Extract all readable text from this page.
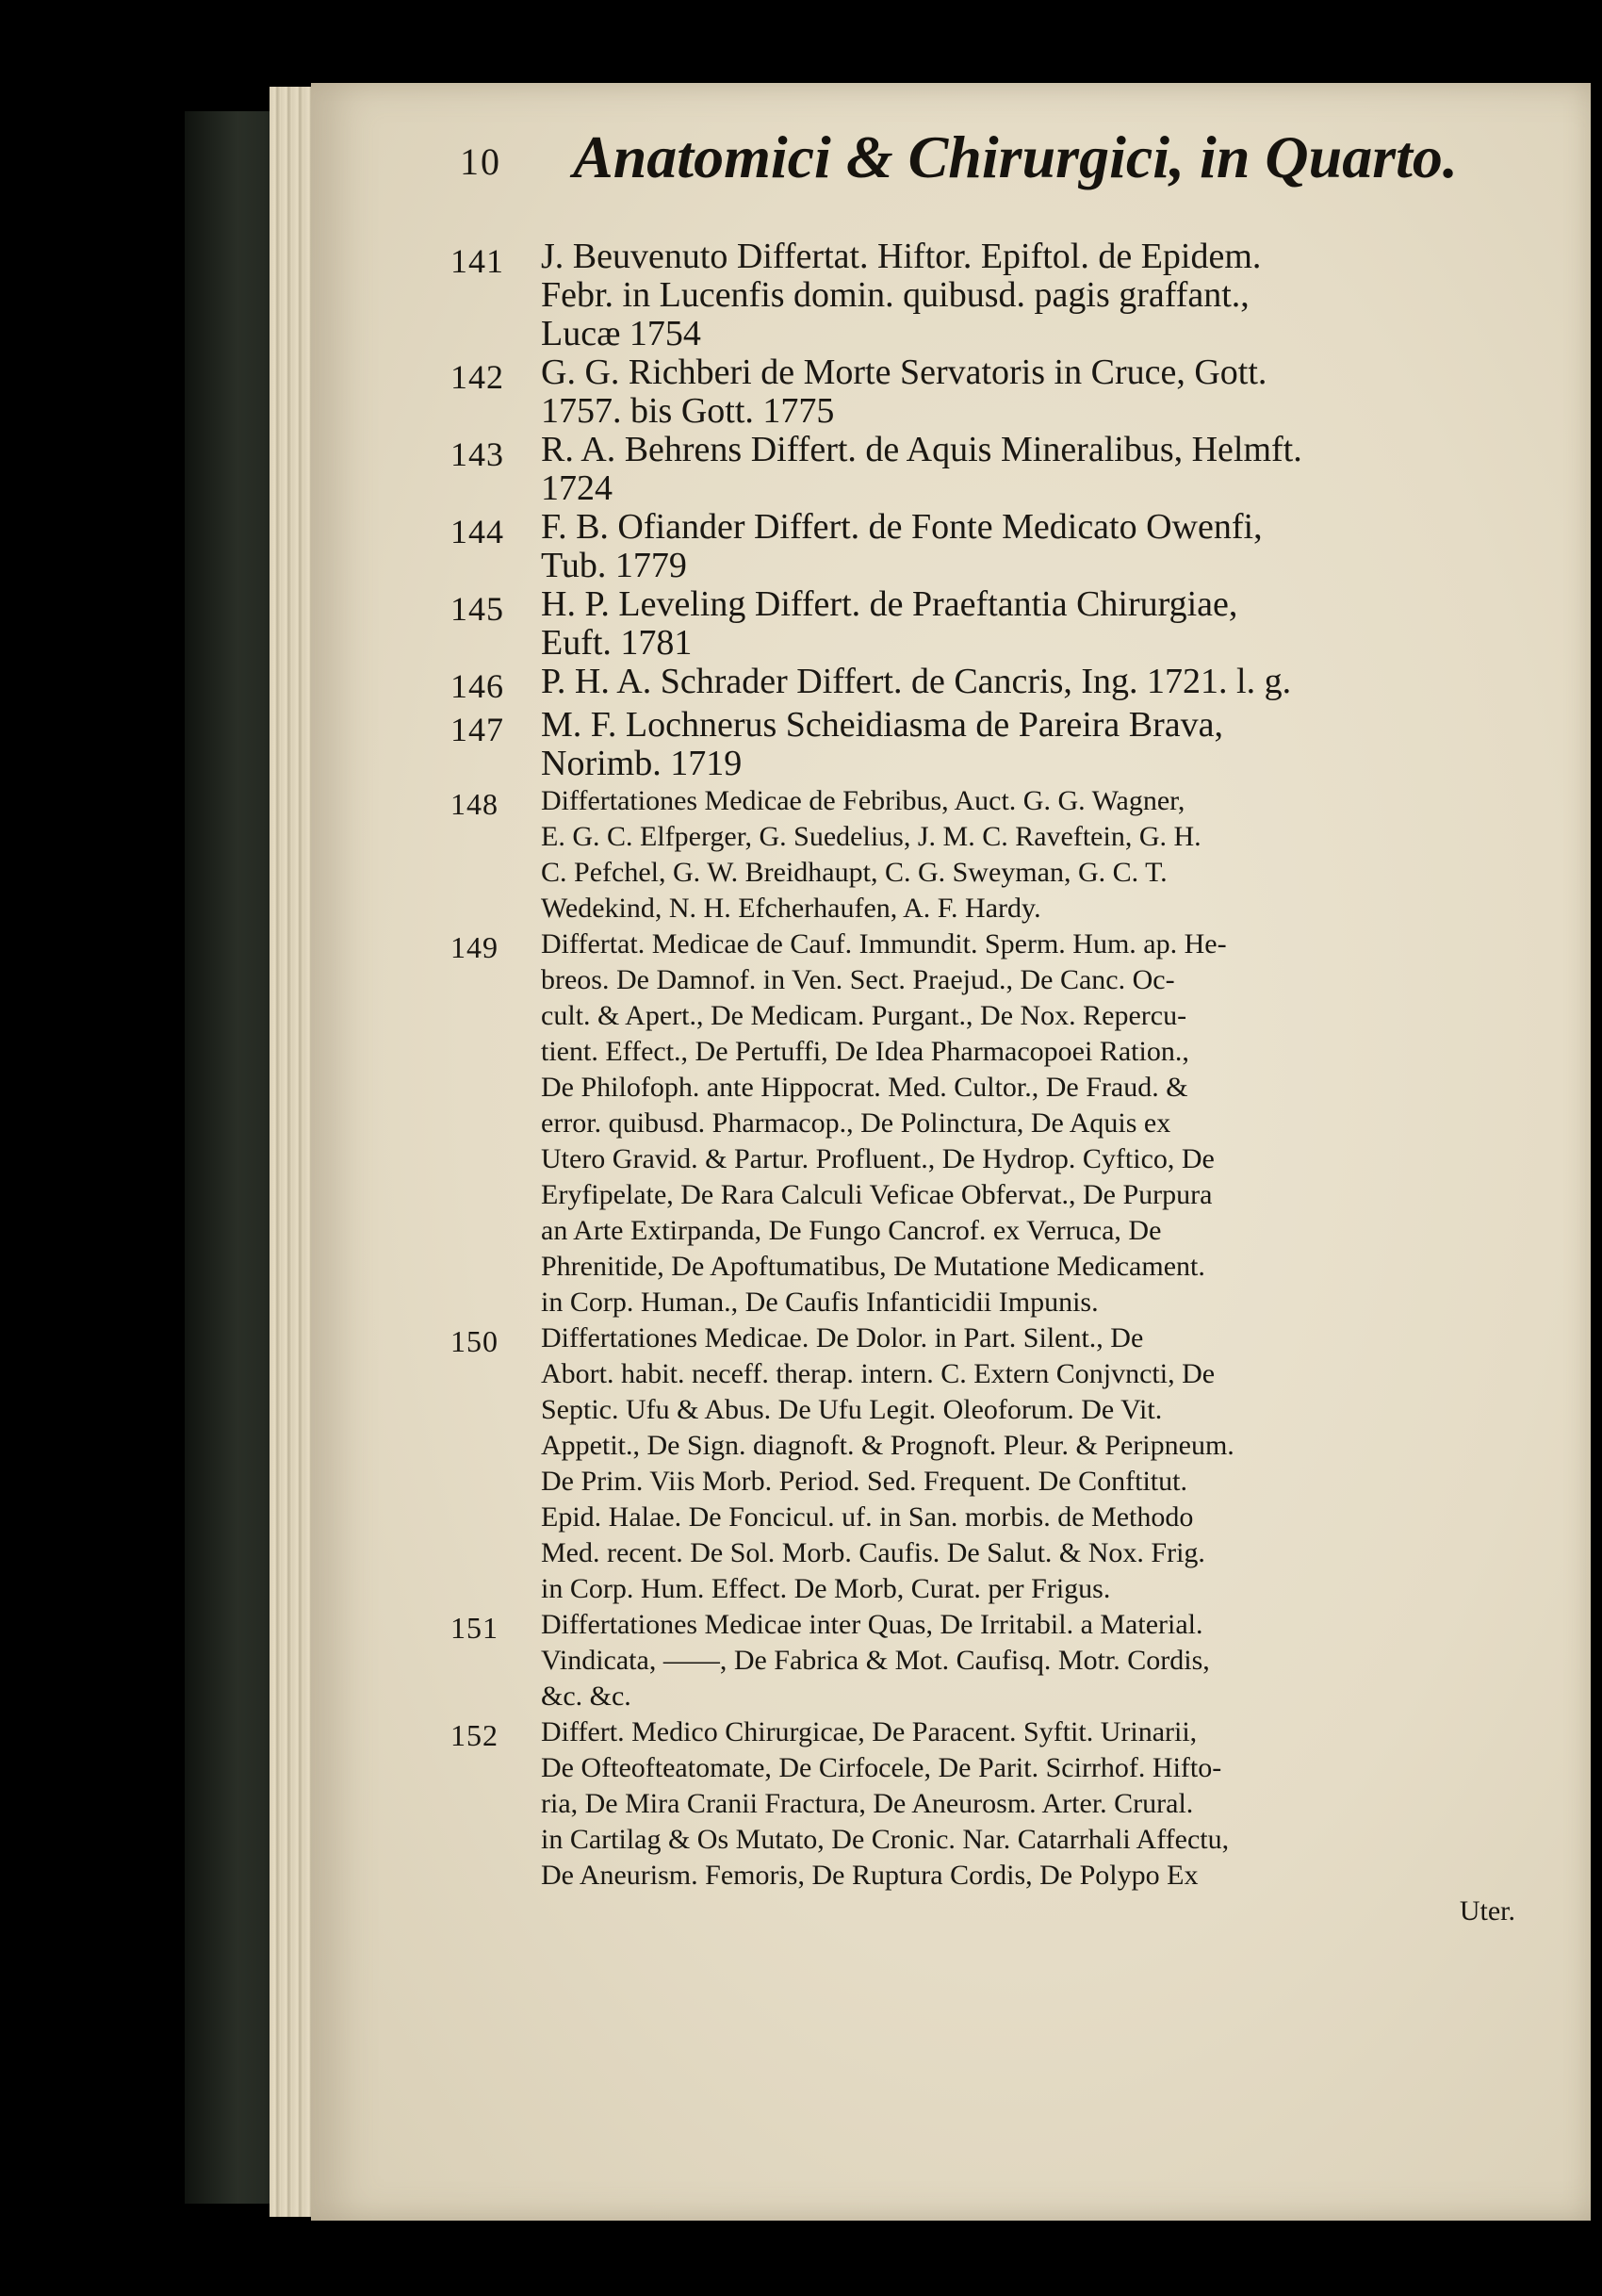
10 Anatomici & Chirurgici, in Quarto.
141	J. Beuvenuto Differtat. Hiftor. Epiftol. de Epidem.
Febr. in Lucenfis domin. quibusd. pagis graffant.,
Lucæ 1754
142	G. G. Richberi de Morte Servatoris in Cruce, Gott.
1757. bis Gott. 1775
143	R. A. Behrens Differt. de Aquis Mineralibus, Helmft.
1724
144	F. B. Ofiander Differt. de Fonte Medicato Owenfi,
Tub. 1779
145	H. P. Leveling Differt. de Praeftantia Chirurgiae,
Euft. 1781
146	P. H. A. Schrader Differt. de Cancris, Ing. 1721. l. g.
147	M. F. Lochnerus Scheidiasma de Pareira Brava,
Norimb. 1719
148	Differtationes Medicae de Febribus, Auct. G. G. Wagner,
E. G. C. Elfperger, G. Suedelius, J. M. C. Raveftein, G. H.
C. Pefchel, G. W. Breidhaupt, C. G. Sweyman, G. C. T.
Wedekind, N. H. Efcherhaufen, A. F. Hardy.
149	Differtat. Medicae de Cauf. Immundit. Sperm. Hum. ap. He-
breos. De Damnof. in Ven. Sect. Praejud., De Canc. Oc-
cult. & Apert., De Medicam. Purgant., De Nox. Repercu-
tient. Effect., De Pertuffi, De Idea Pharmacopoei Ration.,
De Philofoph. ante Hippocrat. Med. Cultor., De Fraud. &
error. quibusd. Pharmacop., De Polinctura, De Aquis ex
Utero Gravid. & Partur. Profluent., De Hydrop. Cyftico, De
Eryfipelate, De Rara Calculi Veficae Obfervat., De Purpura
an Arte Extirpanda, De Fungo Cancrof. ex Verruca, De
Phrenitide, De Apoftumatibus, De Mutatione Medicament.
in Corp. Human., De Caufis Infanticidii Impunis.
150	Differtationes Medicae. De Dolor. in Part. Silent., De
Abort. habit. neceff. therap. intern. C. Extern Conjvncti, De
Septic. Ufu & Abus. De Ufu Legit. Oleoforum. De Vit.
Appetit., De Sign. diagnoft. & Prognoft. Pleur. & Peripneum.
De Prim. Viis Morb. Period. Sed. Frequent. De Conftitut.
Epid. Halae. De Foncicul. uf. in San. morbis. de Methodo
Med. recent. De Sol. Morb. Caufis. De Salut. & Nox. Frig.
in Corp. Hum. Effect. De Morb, Curat. per Frigus.
151	Differtationes Medicae inter Quas, De Irritabil. a Material.
Vindicata, ——, De Fabrica & Mot. Caufisq. Motr. Cordis,
&c. &c.
152	Differt. Medico Chirurgicae, De Paracent. Syftit. Urinarii,
De Ofteofteatomate, De Cirfocele, De Parit. Scirrhof. Hifto-
ria, De Mira Cranii Fractura, De Aneurosm. Arter. Crural.
in Cartilag & Os Mutato, De Cronic. Nar. Catarrhali Affectu,
De Aneurism. Femoris, De Ruptura Cordis, De Polypo Ex
Uter.
